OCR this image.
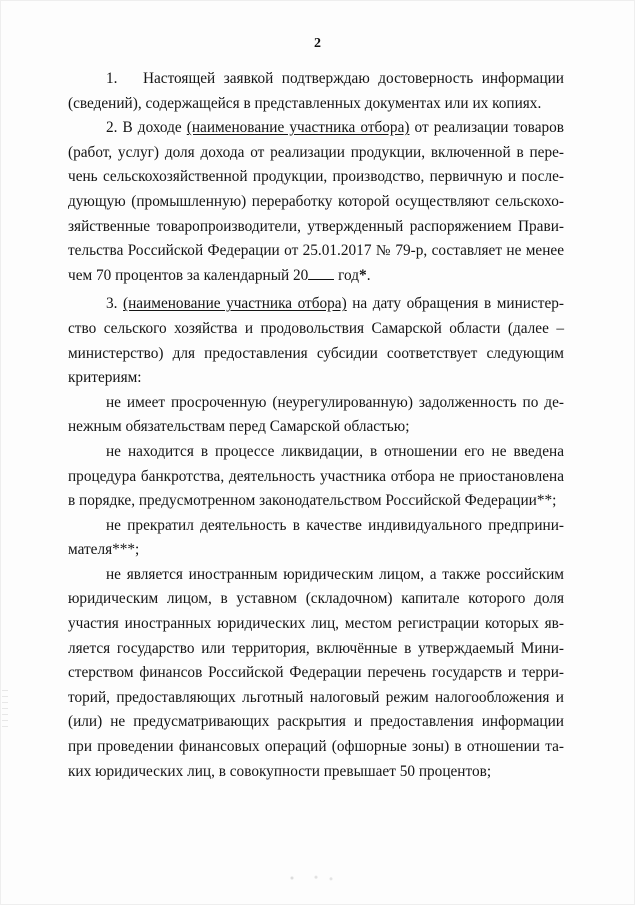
2

1.   Настоящей заявкой подтверждаю достоверность информации (сведений), содержащейся в представленных документах или их копиях.

2. В доходе (наименование участника отбора) от реализации товаров (работ, услуг) доля дохода от реализации продукции, включенной в перечень сельскохозяйственной продукции, производство, первичную и последующую (промышленную) переработку которой осуществляют сельскохозяйственные товаропроизводители, утвержденный распоряжением Правительства Российской Федерации от 25.01.2017 № 79-р, составляет не менее чем 70 процентов за календарный 20 год*.

3. (наименование участника отбора) на дату обращения в министерство сельского хозяйства и продовольствия Самарской области (далее – министерство) для предоставления субсидии соответствует следующим критериям:

не имеет просроченную (неурегулированную) задолженность по денежным обязательствам перед Самарской областью;

не находится в процессе ликвидации, в отношении его не введена процедура банкротства, деятельность участника отбора не приостановлена в порядке, предусмотренном законодательством Российской Федерации**;

не прекратил деятельность в качестве индивидуального предпринимателя***;

не является иностранным юридическим лицом, а также российским юридическим лицом, в уставном (складочном) капитале которого доля участия иностранных юридических лиц, местом регистрации которых является государство или территория, включённые в утверждаемый Министерством финансов Российской Федерации перечень государств и территорий, предоставляющих льготный налоговый режим налогообложения и (или) не предусматривающих раскрытия и предоставления информации при проведении финансовых операций (офшорные зоны) в отношении таких юридических лиц, в совокупности превышает 50 процентов;
